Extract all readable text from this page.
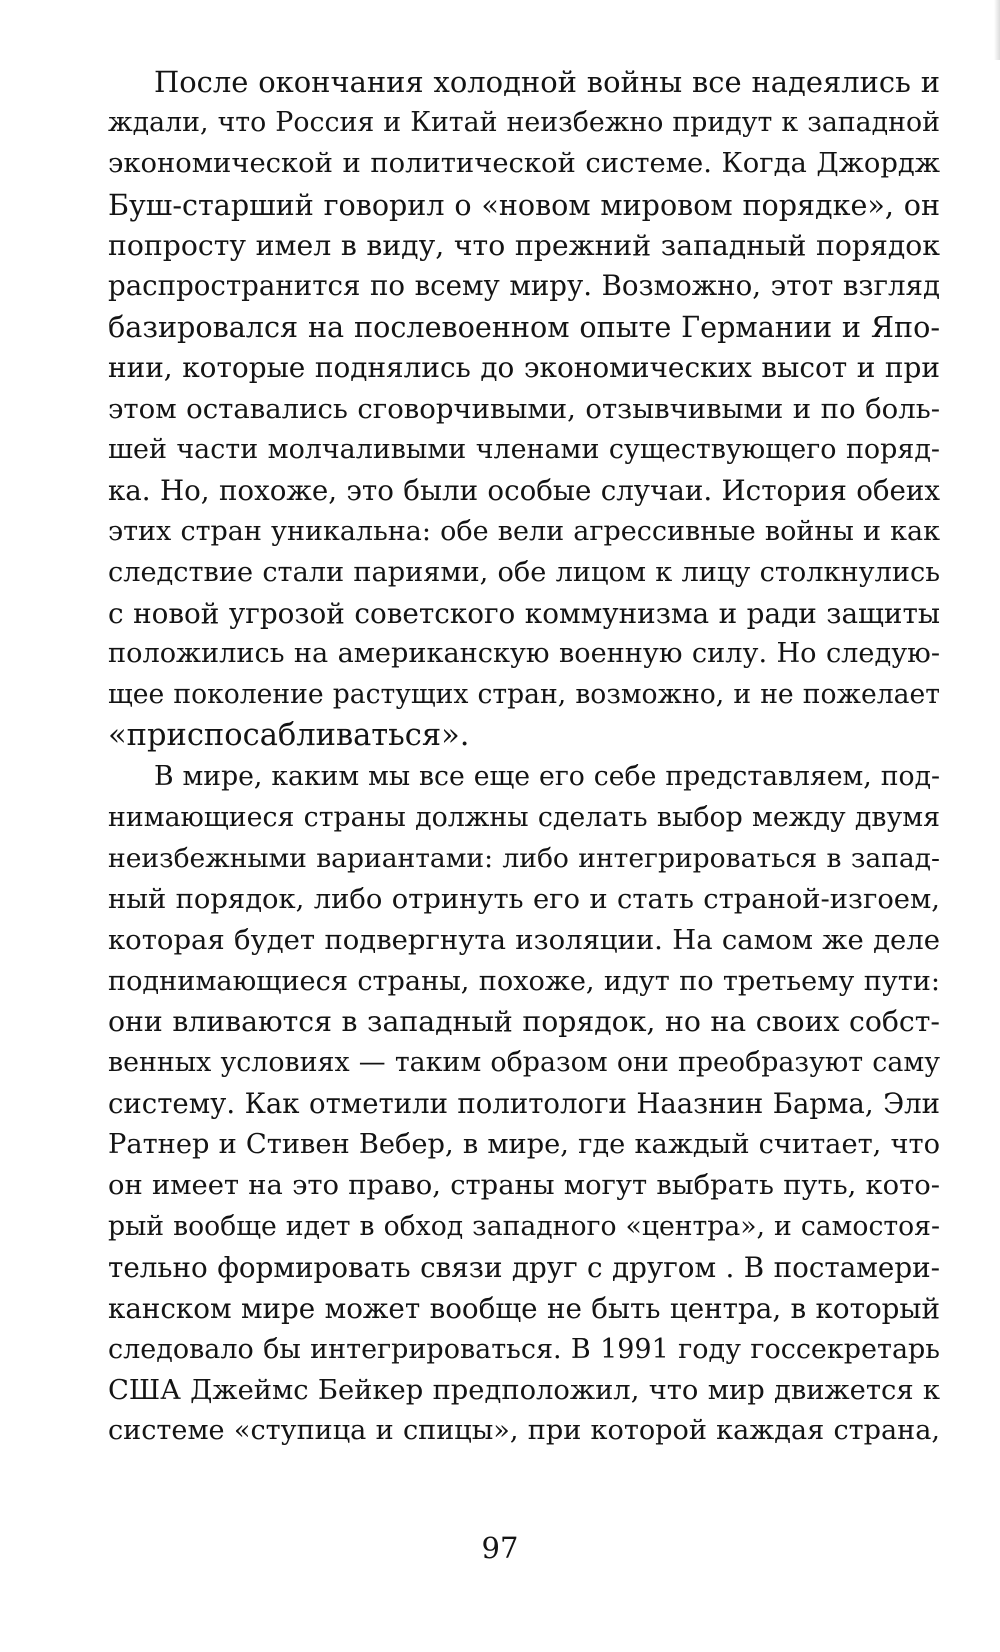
После окончания холодной войны все надеялись и
ждали, что Россия и Китай неизбежно придут к западной
экономической и политической системе. Когда Джордж
Буш-старший говорил о «новом мировом порядке», он
попросту имел в виду, что прежний западный порядок
распространится по всему миру. Возможно, этот взгляд
базировался на послевоенном опыте Германии и Япо-
нии, которые поднялись до экономических высот и при
этом оставались сговорчивыми, отзывчивыми и по боль-
шей части молчаливыми членами существующего поряд-
ка. Но, похоже, это были особые случаи. История обеих
этих стран уникальна: обе вели агрессивные войны и как
следствие стали париями, обе лицом к лицу столкнулись
с новой угрозой советского коммунизма и ради защиты
положились на американскую военную силу. Но следую-
щее поколение растущих стран, возможно, и не пожелает
«приспосабливаться».
В мире, каким мы все еще его себе представляем, под-
нимающиеся страны должны сделать выбор между двумя
неизбежными вариантами: либо интегрироваться в запад-
ный порядок, либо отринуть его и стать страной-изгоем,
которая будет подвергнута изоляции. На самом же деле
поднимающиеся страны, похоже, идут по третьему пути:
они вливаются в западный порядок, но на своих собст-
венных условиях — таким образом они преобразуют саму
систему. Как отметили политологи Наазнин Барма, Эли
Ратнер и Стивен Вебер, в мире, где каждый считает, что
он имеет на это право, страны могут выбрать путь, кото-
рый вообще идет в обход западного «центра», и самостоя-
тельно формировать связи друг с другом . В постамери-
канском мире может вообще не быть центра, в который
следовало бы интегрироваться. В 1991 году госсекретарь
США Джеймс Бейкер предположил, что мир движется к
системе «ступица и спицы», при которой каждая страна,
97
